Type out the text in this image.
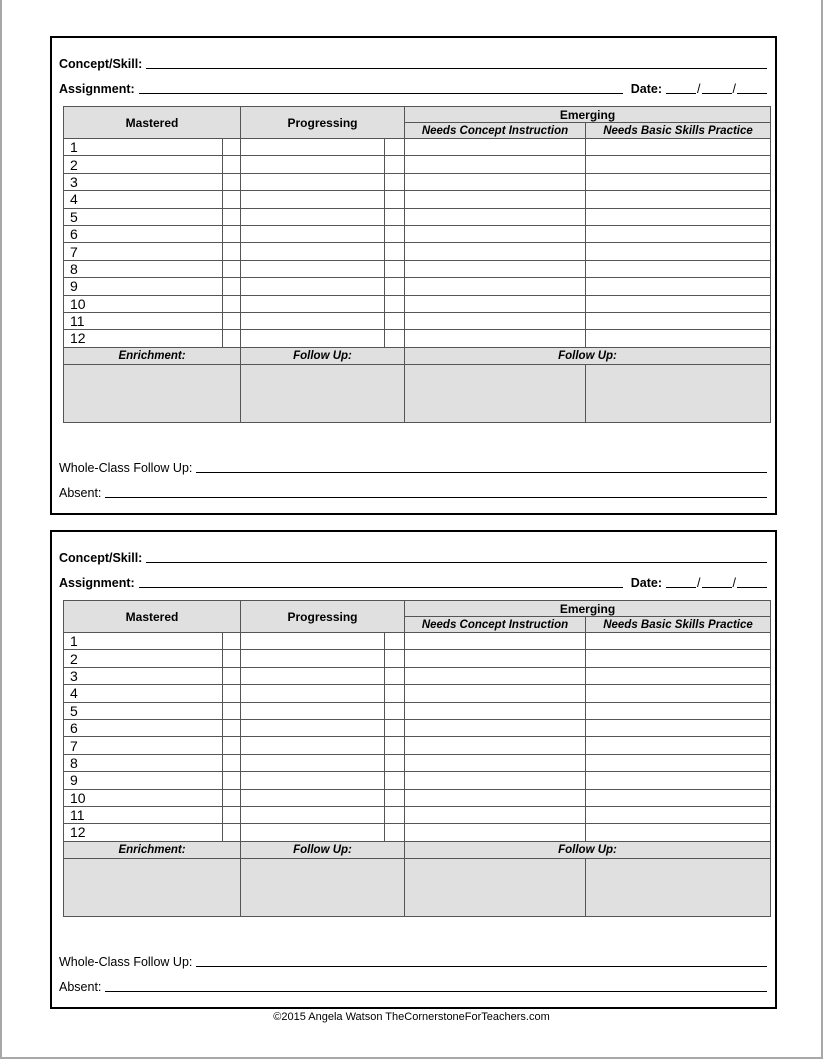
Concept/Skill:
Assignment:	Date:	/	/
Mastered		Progressing		Emerging	
				Needs Concept Instruction	Needs Basic Skills Practice
1					
2					
3					
4					
5					
6					
7					
8					
9					
10					
11					
12					
Enrichment:		Follow Up:		Follow Up:	

Whole-Class Follow Up:
Absent:
Concept/Skill:
Assignment:	Date:	/	/
Mastered		Progressing		Emerging	
				Needs Concept Instruction	Needs Basic Skills Practice
1					
2					
3					
4					
5					
6					
7					
8					
9					
10					
11					
12					
Enrichment:		Follow Up:		Follow Up:	

Whole-Class Follow Up:
Absent:
©2015 Angela Watson TheCornerstoneForTeachers.com
